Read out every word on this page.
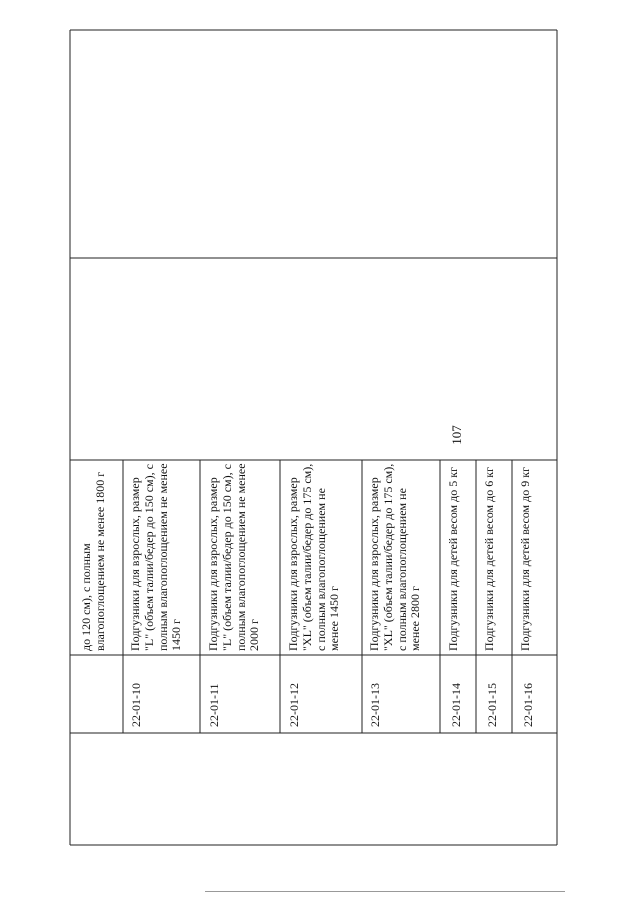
107
до 120 см), с полным влагопоглощением не менее 1800 г
22-01-10
Подгузники для взрослых, размер "L" (объем талии/бедер до 150 см), с полным влагопоглощением не менее 1450 г
22-01-11
Подгузники для взрослых, размер "L" (объем талии/бедер до 150 см), с полным влагопоглощением не менее 2000 г
22-01-12
Подгузники для взрослых, размер "XL" (объем талии/бедер до 175 см), с полным влагопоглощением не менее 1450 г
22-01-13
Подгузники для взрослых, размер "XL" (объем талии/бедер до 175 см), с полным влагопоглощением не менее 2800 г
22-01-14
Подгузники для детей весом до 5 кг
22-01-15
Подгузники для детей весом до 6 кг
22-01-16
Подгузники для детей весом до 9 кг
